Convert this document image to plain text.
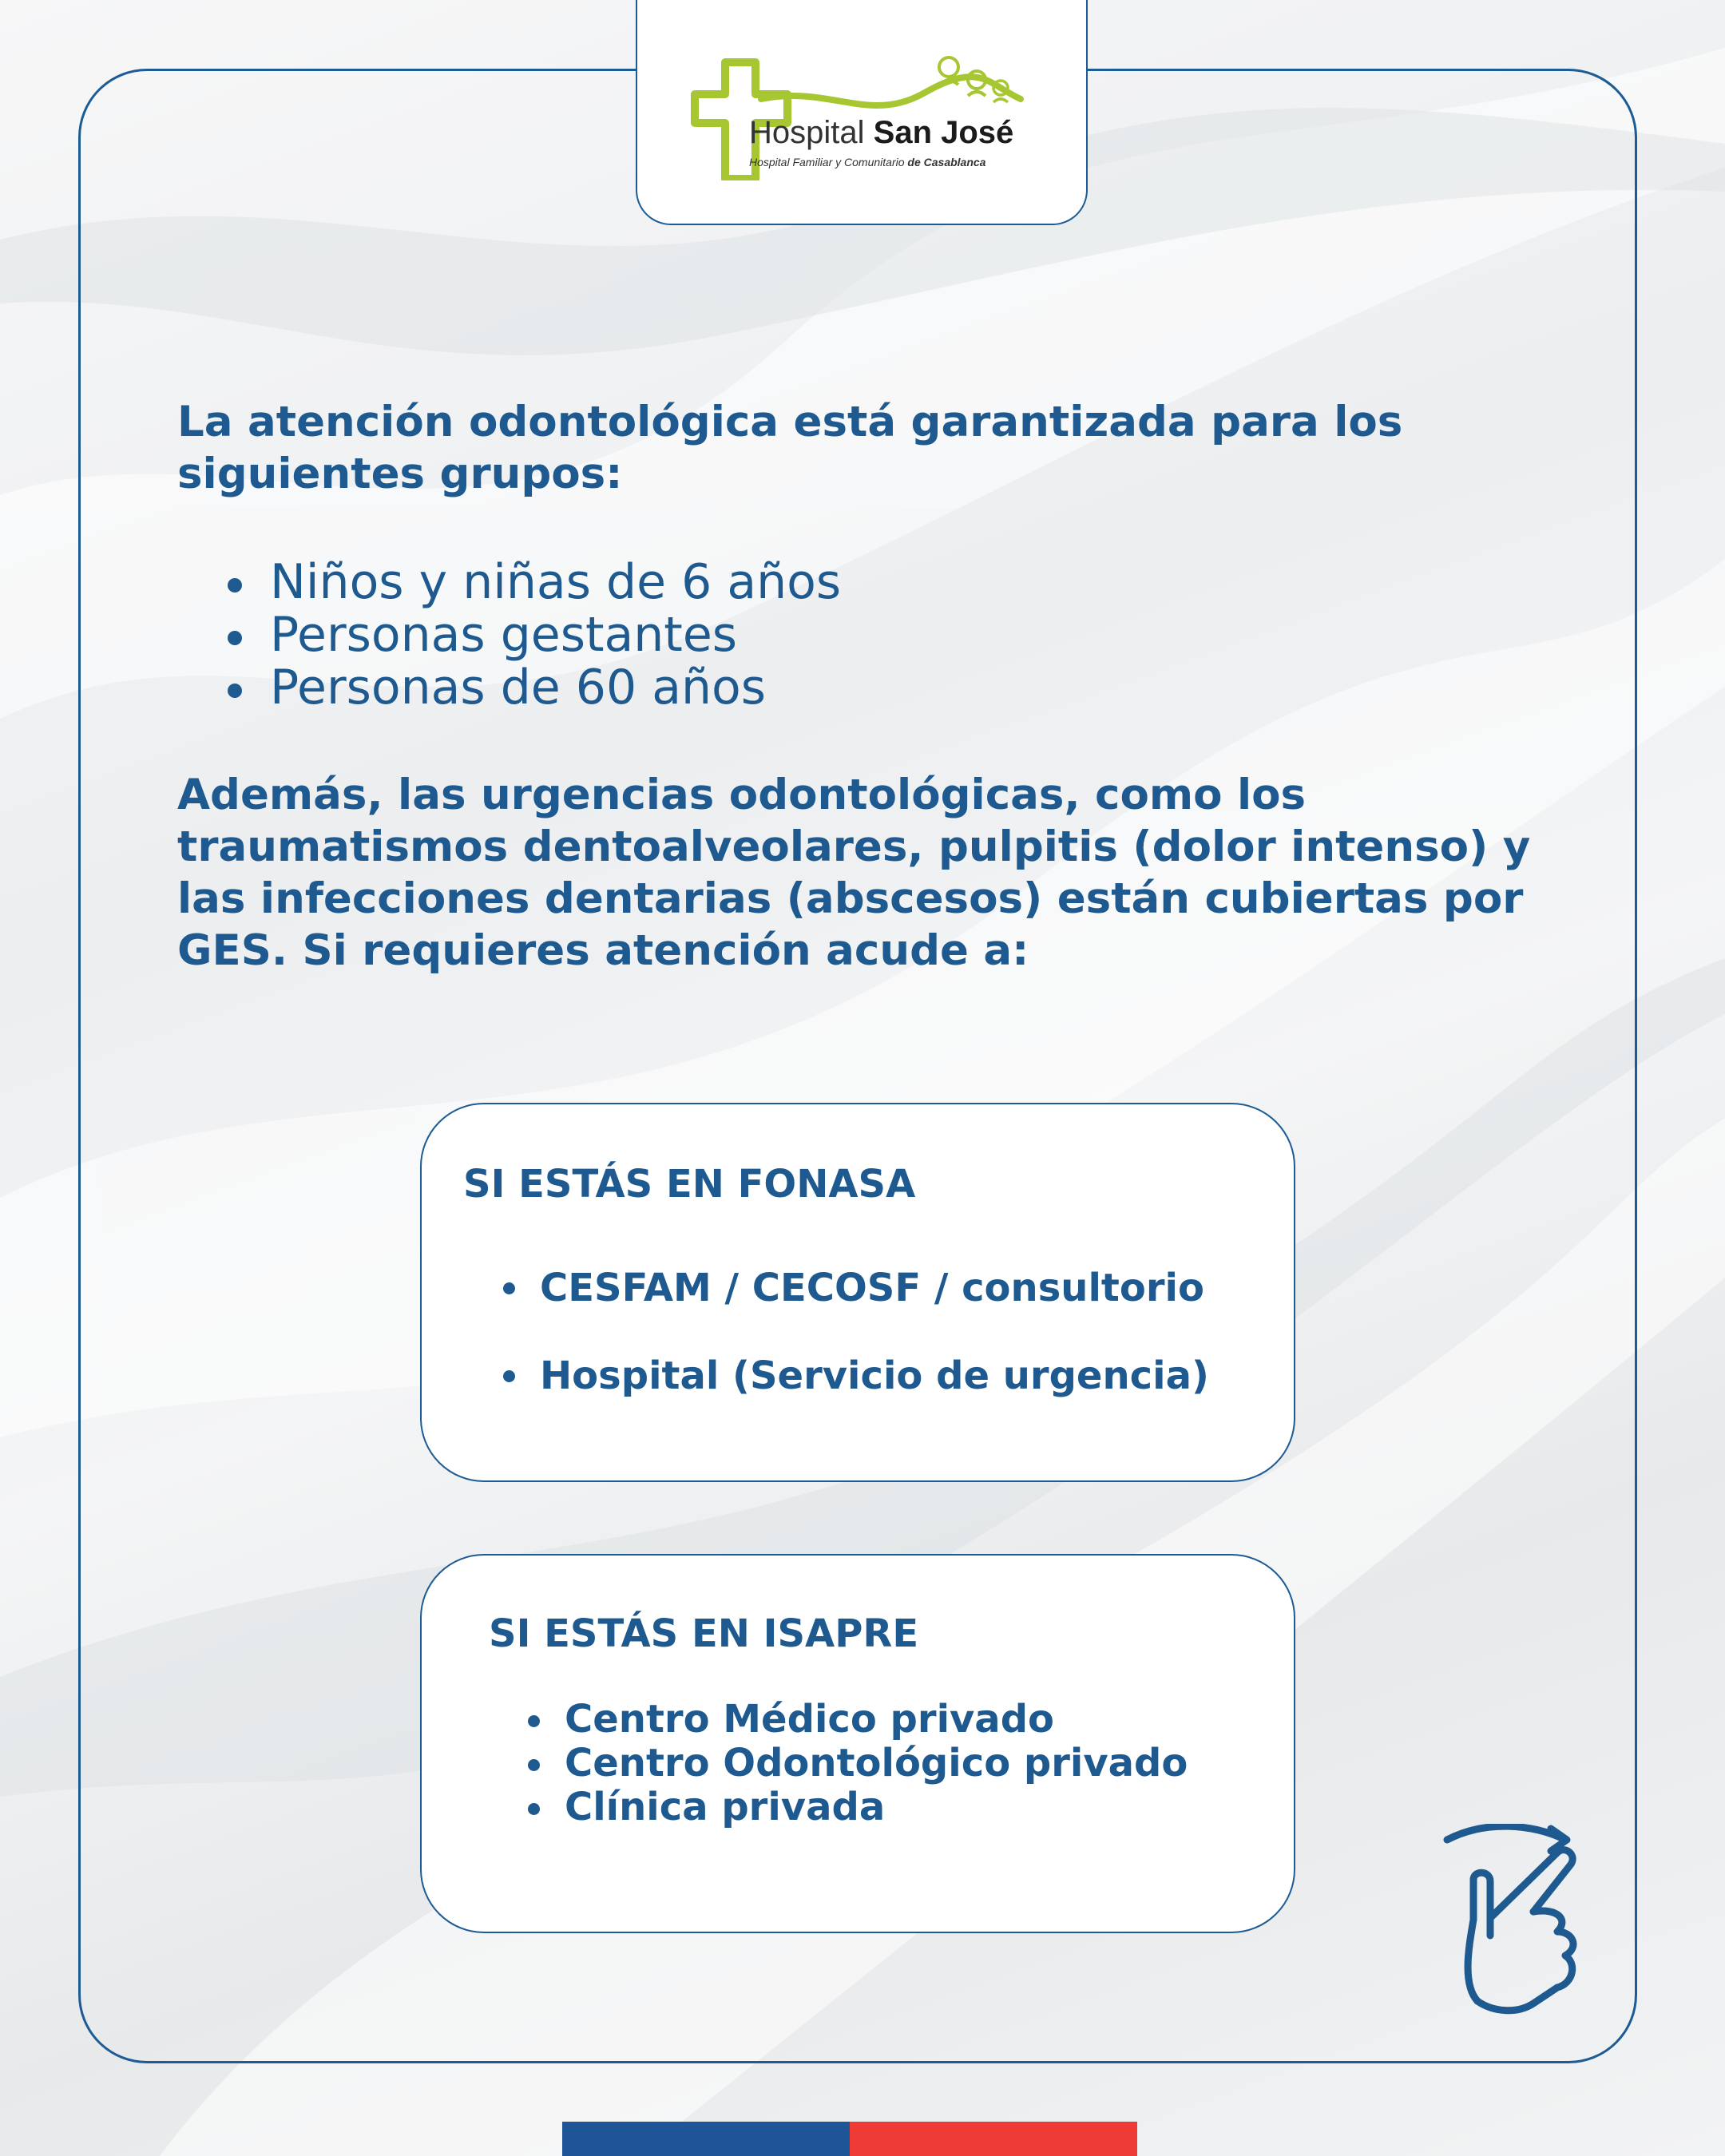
Hospital San José
Hospital Familiar y Comunitario de Casablanca

La atención odontológica está garantizada para los siguientes grupos:

Niños y niñas de 6 años
Personas gestantes
Personas de 60 años

Además, las urgencias odontológicas, como los traumatismos dentoalveolares, pulpitis (dolor intenso) y las infecciones dentarias (abscesos) están cubiertas por GES. Si requieres atención acude a:

SI ESTÁS EN FONASA
CESFAM / CECOSF / consultorio
Hospital (Servicio de urgencia)
SI ESTÁS EN ISAPRE
Centro Médico privado
Centro Odontológico privado
Clínica privada
